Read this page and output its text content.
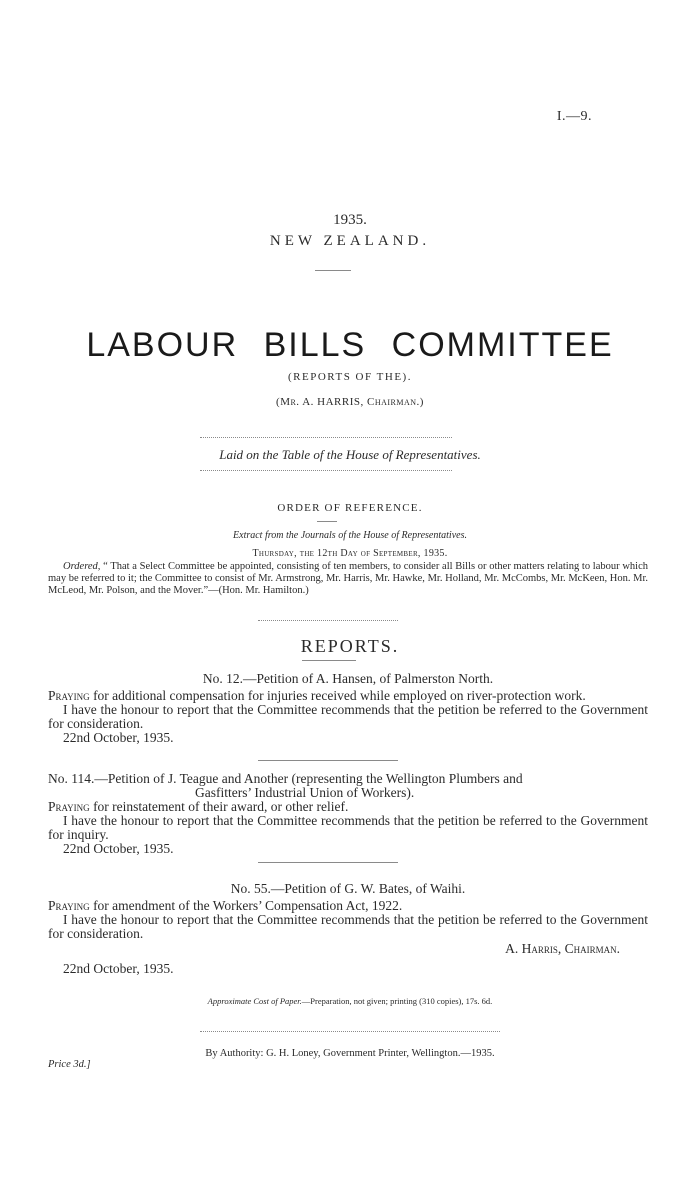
I.—9.
1935.
NEW ZEALAND.
LABOUR BILLS COMMITTEE
(REPORTS OF THE).
(Mr. A. HARRIS, Chairman.)
Laid on the Table of the House of Representatives.
ORDER OF REFERENCE.
Extract from the Journals of the House of Representatives.
Thursday, the 12th Day of September, 1935.
Ordered, “ That a Select Committee be appointed, consisting of ten members, to consider all Bills or other matters relating to labour which may be referred to it; the Committee to consist of Mr. Armstrong, Mr. Harris, Mr. Hawke, Mr. Holland, Mr. McCombs, Mr. McKeen, Hon. Mr. McLeod, Mr. Polson, and the Mover.”—(Hon. Mr. Hamilton.)
REPORTS.

No. 12.—Petition of A. Hansen, of Palmerston North.

Praying for additional compensation for injuries received while employed on river-protection work.

I have the honour to report that the Committee recommends that the petition be referred to the Government for consideration.

22nd October, 1935.

No. 114.—Petition of J. Teague and Another (representing the Wellington Plumbers and

Gasfitters’ Industrial Union of Workers).

Praying for reinstatement of their award, or other relief.

I have the honour to report that the Committee recommends that the petition be referred to the Government for inquiry.

22nd October, 1935.

No. 55.—Petition of G. W. Bates, of Waihi.

Praying for amendment of the Workers’ Compensation Act, 1922.

I have the honour to report that the Committee recommends that the petition be referred to the Government for consideration.

A. Harris, Chairman.

22nd October, 1935.

Approximate Cost of Paper.—Preparation, not given; printing (310 copies), 17s. 6d.
By Authority: G. H. Loney, Government Printer, Wellington.—1935.
Price 3d.]
